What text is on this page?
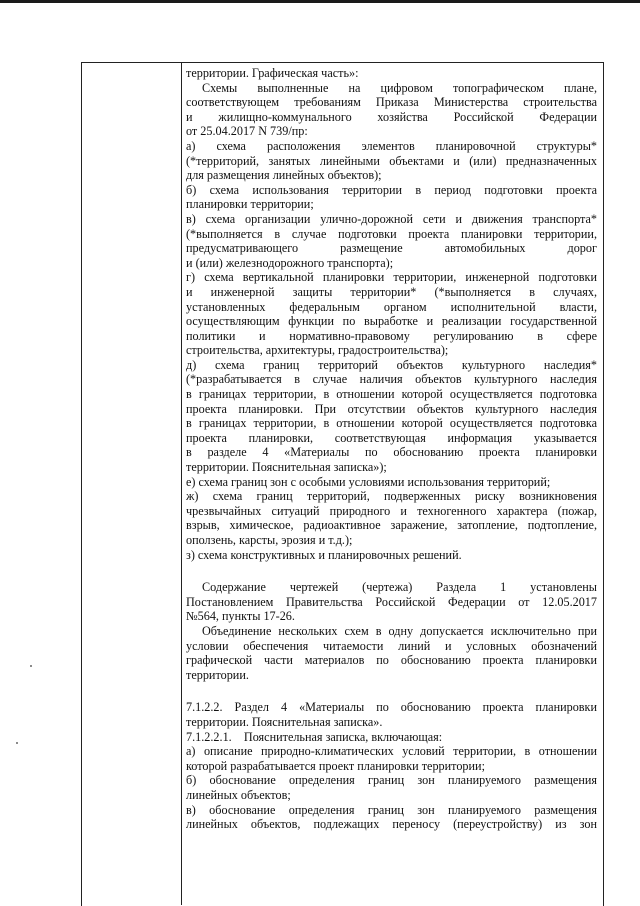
территории. Графическая часть»:
Схемы выполненные на цифровом топографическом плане,
соответствующем требованиям Приказа Министерства строительства
и жилищно-коммунального хозяйства Российской Федерации
от 25.04.2017 N 739/пр:
а) схема расположения элементов планировочной структуры*
(*территорий, занятых линейными объектами и (или) предназначенных
для размещения линейных объектов);
б) схема использования территории в период подготовки проекта
планировки территории;
в) схема организации улично-дорожной сети и движения транспорта*
(*выполняется в случае подготовки проекта планировки территории,
предусматривающего размещение автомобильных дорог
и (или) железнодорожного транспорта);
г) схема вертикальной планировки территории, инженерной подготовки
и инженерной защиты территории* (*выполняется в случаях,
установленных федеральным органом исполнительной власти,
осуществляющим функции по выработке и реализации государственной
политики и нормативно-правовому регулированию в сфере
строительства, архитектуры, градостроительства);
д) схема границ территорий объектов культурного наследия*
(*разрабатывается в случае наличия объектов культурного наследия
в границах территории, в отношении которой осуществляется подготовка
проекта планировки. При отсутствии объектов культурного наследия
в границах территории, в отношении которой осуществляется подготовка
проекта планировки, соответствующая информация указывается
в разделе 4 «Материалы по обоснованию проекта планировки
территории. Пояснительная записка»);
е) схема границ зон с особыми условиями использования территорий;
ж) схема границ территорий, подверженных риску возникновения
чрезвычайных ситуаций природного и техногенного характера (пожар,
взрыв, химическое, радиоактивное заражение, затопление, подтопление,
оползень, карсты, эрозия и т.д.);
з) схема конструктивных и планировочных решений.
Содержание чертежей (чертежа) Раздела 1 установлены
Постановлением Правительства Российской Федерации от 12.05.2017
№564, пункты 17-26.
Объединение нескольких схем в одну допускается исключительно при
условии обеспечения читаемости линий и условных обозначений
графической части материалов по обоснованию проекта планировки
территории.
7.1.2.2. Раздел 4 «Материалы по обоснованию проекта планировки
территории. Пояснительная записка».
7.1.2.2.1.    Пояснительная записка, включающая:
а) описание природно-климатических условий территории, в отношении
которой разрабатывается проект планировки территории;
б) обоснование определения границ зон планируемого размещения
линейных объектов;
в) обоснование определения границ зон планируемого размещения
линейных объектов, подлежащих переносу (переустройству) из зон
